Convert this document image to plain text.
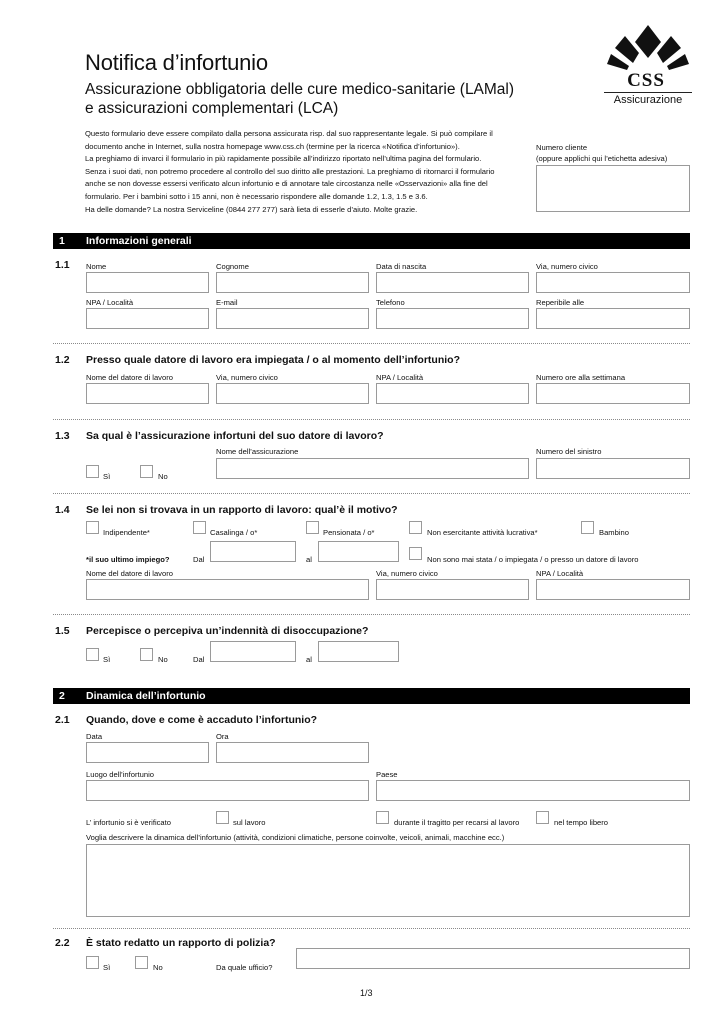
Notifica d’infortunio
Assicurazione obbligatoria delle cure medico-sanitarie (LAMal)
e assicurazioni complementari (LCA)
CSS
Assicurazione
Questo formulario deve essere compilato dalla persona assicurata risp. dal suo rappresentante legale. Si può compilare il
documento anche in Internet, sulla nostra homepage www.css.ch (termine per la ricerca «Notifica d’infortunio»).
La preghiamo di invarci il formulario in più rapidamente possibile all’indirizzo riportato nell’ultima pagina del formulario.
Senza i suoi dati, non potremo procedere al controllo del suo diritto alle prestazioni. La preghiamo di ritornarci il formulario
anche se non dovesse essersi verificato alcun infortunio e di annotare tale circostanza nelle «Osservazioni» alla fine del
formulario. Per i bambini sotto i 15 anni, non è necessario rispondere alle domande 1.2, 1.3, 1.5 e 3.6.
Ha delle domande? La nostra Serviceline (0844 277 277) sarà lieta di esserle d’aiuto. Molte grazie.
Numero cliente
(oppure applichi qui l’etichetta adesiva)
1 Informazioni generali
1.1 Nome	Cognome	Data di nascita	Via, numero civico
NPA / Località	E-mail	Telefono	Reperibile alle
1.2 Presso quale datore di lavoro era impiegata / o al momento dell’infortunio?
Nome del datore di lavoro	Via, numero civico	NPA / Località	Numero ore alla settimana
1.3 Sa qual è l’assicurazione infortuni del suo datore di lavoro?
Nome dell’assicurazione	Numero del sinistro
Sì	No
1.4 Se lei non si trovava in un rapporto di lavoro: qual’è il motivo?
Indipendente*	Casalinga / o*	Pensionata / o*	Non esercitante attività lucrativa*	Bambino
*il suo ultimo impiego?	Dal	al	Non sono mai stata / o impiegata / o presso un datore di lavoro
Nome del datore di lavoro	Via, numero civico	NPA / Località
1.5 Percepisce o percepiva un’indennità di disoccupazione?
Sì	No	Dal	al
2 Dinamica dell’infortunio
2.1 Quando, dove e come è accaduto l’infortunio?
Data	Ora
Luogo dell’infortunio	Paese
L’ infortunio si è verificato	sul lavoro	durante il tragitto per recarsi al lavoro	nel tempo libero
Voglia descrivere la dinamica dell’infortunio (attività, condizioni climatiche, persone coinvolte, veicoli, animali, macchine ecc.)
2.2 È stato redatto un rapporto di polizia?
Sì	No	Da quale ufficio?
1/3
